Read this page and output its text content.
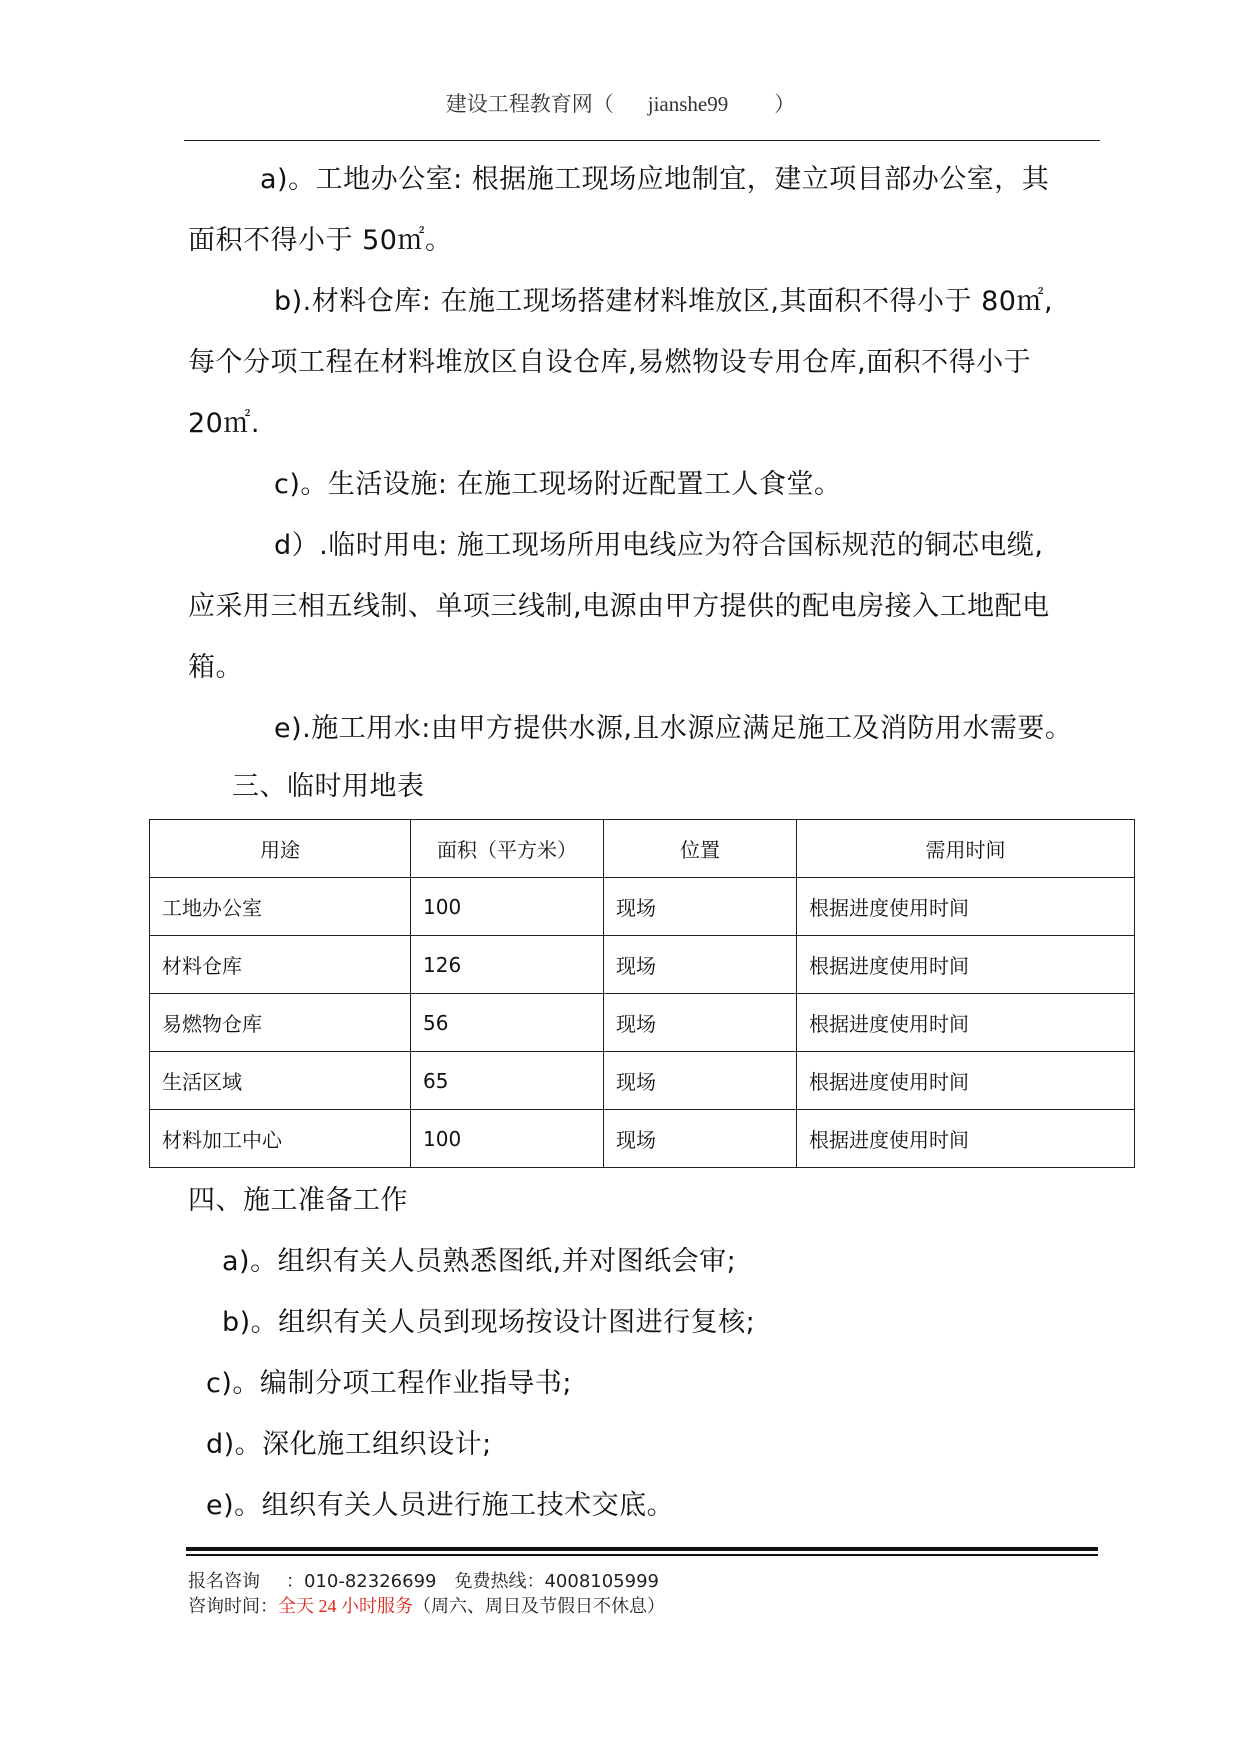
建设工程教育网（ jianshe99 ）
a)。工地办公室: 根据施工现场应地制宜，建立项目部办公室，其
面积不得小于 50㎡。
b).材料仓库: 在施工现场搭建材料堆放区,其面积不得小于 80㎡,
每个分项工程在材料堆放区自设仓库,易燃物设专用仓库,面积不得小于
20㎡.
c)。生活设施: 在施工现场附近配置工人食堂。
d）.临时用电: 施工现场所用电线应为符合国标规范的铜芯电缆,
应采用三相五线制、单项三线制,电源由甲方提供的配电房接入工地配电
箱。
e).施工用水:由甲方提供水源,且水源应满足施工及消防用水需要。
三、临时用地表
用途	面积（平方米）	位置	需用时间
工地办公室	100	现场	根据进度使用时间
材料仓库	126	现场	根据进度使用时间
易燃物仓库	56	现场	根据进度使用时间
生活区域	65	现场	根据进度使用时间
材料加工中心	100	现场	根据进度使用时间
四、施工准备工作
a)。组织有关人员熟悉图纸,并对图纸会审;
b)。组织有关人员到现场按设计图进行复核;
c)。编制分项工程作业指导书;
d)。深化施工组织设计;
e)。组织有关人员进行施工技术交底。
报名咨询 ：010-82326699 免费热线：4008105999
咨询时间：全天 24 小时服务（周六、周日及节假日不休息）
